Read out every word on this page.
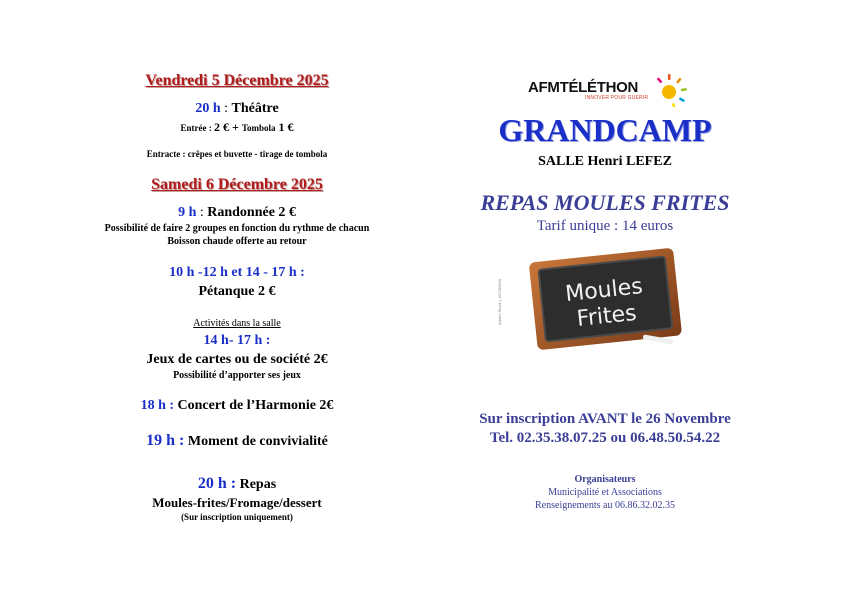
Vendredi 5 Décembre 2025
20 h : Théâtre
Entrée : 2 € + Tombola 1 €
Entracte : crêpes et buvette - tirage de tombola
Samedi 6 Décembre 2025
9 h : Randonnée 2 €
Possibilité de faire 2 groupes en fonction du rythme de chacun
Boisson chaude offerte au retour
10 h -12 h et 14 - 17 h :
Pétanque 2 €
Activités dans la salle
14 h- 17 h :
Jeux de cartes ou de société 2€
Possibilité d’apporter ses jeux
18 h : Concert de l’Harmonie 2€
19 h : Moment de convivialité
20 h : Repas
Moules-frites/Fromage/dessert
(Sur inscription uniquement)
AFMTÉLÉTHON
INNOVER POUR GUÉRIR
GRANDCAMP
SALLE Henri LEFEZ
REPAS MOULES FRITES
Tarif unique : 14 euros
Adobe Stock | 102785860	Moules
Frites
Sur inscription AVANT le 26 Novembre
Tel. 02.35.38.07.25 ou 06.48.50.54.22
Organisateurs
Municipalité et Associations
Renseignements au 06.86.32.02.35
